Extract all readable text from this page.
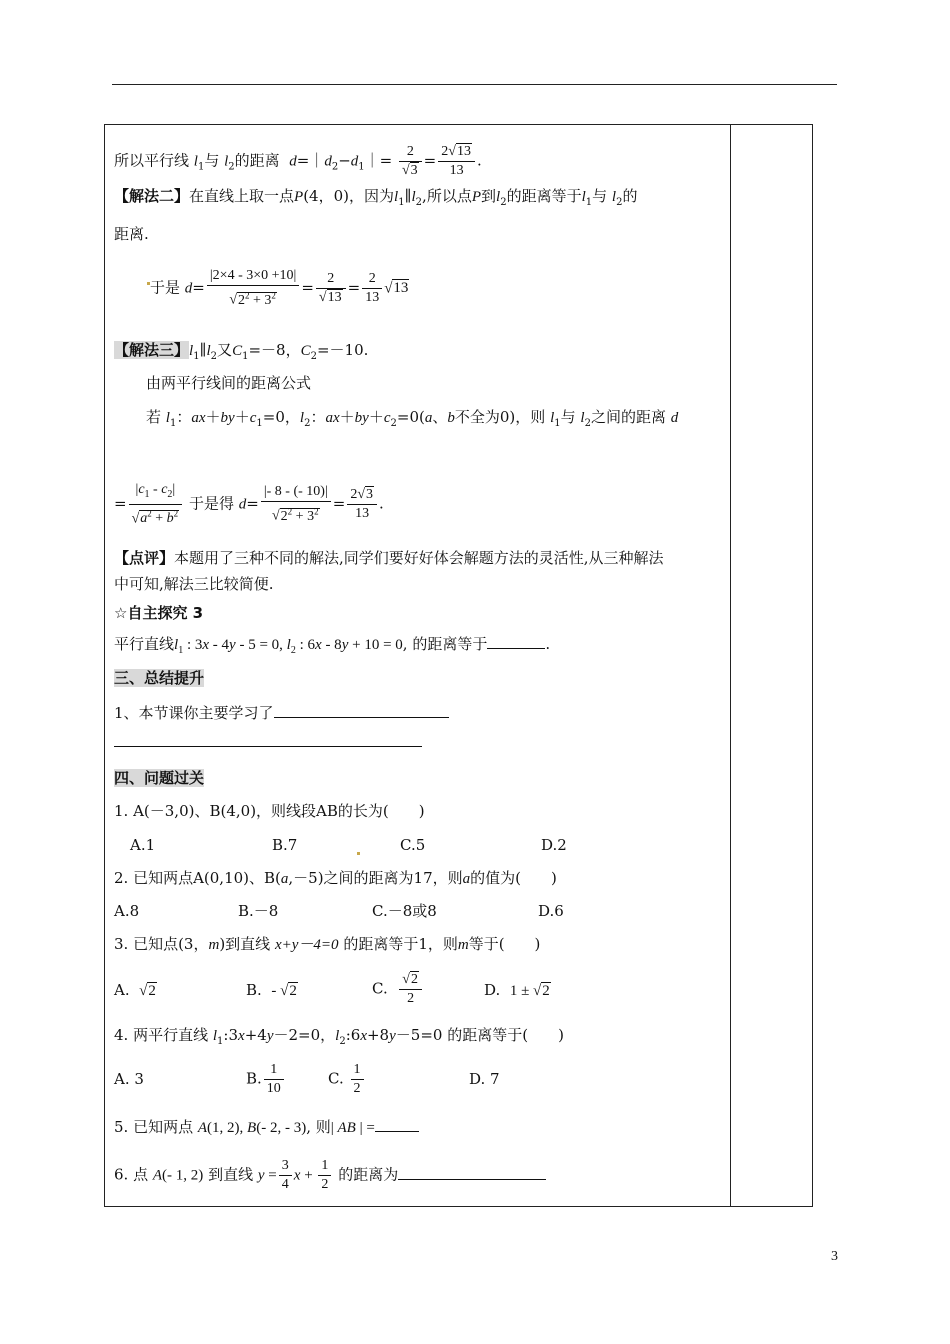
所以平行线 $l_1$与 $l_2$的距离 $d=|d_2-d_1|= \frac{2}{√3} = \frac{2√13}{13}$ .
【解法二】在直线上取一点P(4，0)，因为$l_1\parallel l_2$,所以点P到$l_2$的距离等于$l_1$与 $l_2$的
距离.
于是 $d= \frac{|2\times 4 - 3\times 0 +10|}{√2^2 + 3^2} = \frac{2}{√13} = \frac{2}{13} √13$
【解法三】$l_1\parallel l_2$又$C_1=-8$，$C_2=-10$.
由两平行线间的距离公式
若 $l_1$：$ax+by+c_1=0$，$l_2$：$ax+by+c_2=0(a$、b不全为0)，则 $l_1$与 $l_2$之间的距离 d
= $\frac{|c_1 - c_2|}{√a^2 + b^2}$ 于是得 $d= \frac{|- 8 - (- 10)|}{√2^2 + 3^2} = \frac{2√3}{13}$ .
【点评】本题用了三种不同的解法,同学们要好好体会解题方法的灵活性,从三种解法
中可知,解法三比较简便.
☆自主探究 3
平行直线$l_1$ : 3x - 4y - 5 = 0, $l_2$ : 6x - 8y + 10 = 0, 的距离等于	.
三、总结提升
1、本节课你主要学习了
四、问题过关
1. A(－3,0)、B(4,0)，则线段AB的长为(　　)
A.1	B.7	C.5	D.2
2. 已知两点A(0,10)、B(a,－5)之间的距离为17，则a的值为(　　)
A.8	B.－8	C.－8或8	D.6
3. 已知点(3，m)到直线 x+y－4=0 的距离等于1，则m等于(　　)
A. √2	B. - √2	C. $\frac{√2}{2}$	D. 1 ± √2
4. 两平行直线 $l_1:3x+4y-2=0$，$l_2:6x+8y-5=0$ 的距离等于(　　)
A. 3	B. $\frac{1}{10}$	C. $\frac{1}{2}$	D. 7
5. 已知两点 A(1, 2), B(- 2, - 3), 则| AB | =
6. 点 A(- 1, 2) 到直线 $y = \frac{3}{4}$ $x + \frac{1}{2}$ 的距离为
3
